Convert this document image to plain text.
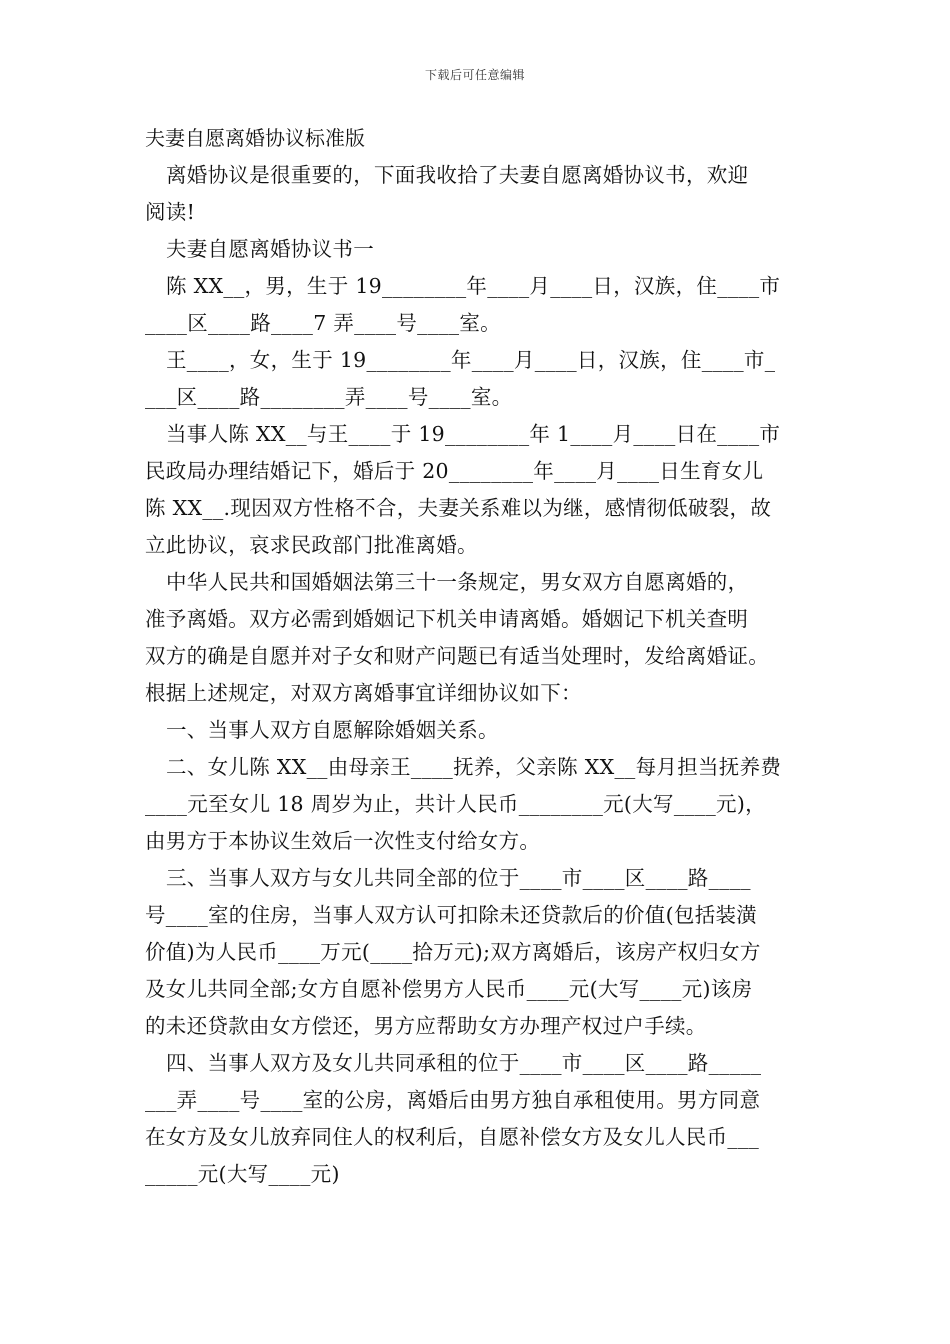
下载后可任意编辑

夫妻自愿离婚协议标准版

离婚协议是很重要的，下面我收拾了夫妻自愿离婚协议书，欢迎

阅读!

夫妻自愿离婚协议书一

陈 XX__，男，生于 19________年____月____日，汉族，住____市

____区____路____7 弄____号____室。

王____，女，生于 19________年____月____日，汉族，住____市_

___区____路________弄____号____室。

当事人陈 XX__与王____于 19________年 1____月____日在____市

民政局办理结婚记下，婚后于 20________年____月____日生育女儿

陈 XX__.现因双方性格不合，夫妻关系难以为继，感情彻低破裂，故

立此协议，哀求民政部门批准离婚。

中华人民共和国婚姻法第三十一条规定，男女双方自愿离婚的，

准予离婚。双方必需到婚姻记下机关申请离婚。婚姻记下机关查明

双方的确是自愿并对子女和财产问题已有适当处理时，发给离婚证。

根据上述规定，对双方离婚事宜详细协议如下：

一、当事人双方自愿解除婚姻关系。

二、女儿陈 XX__由母亲王____抚养，父亲陈 XX__每月担当抚养费

____元至女儿 18 周岁为止，共计人民币________元(大写____元)，

由男方于本协议生效后一次性支付给女方。

三、当事人双方与女儿共同全部的位于____市____区____路____

号____室的住房，当事人双方认可扣除未还贷款后的价值(包括装潢

价值)为人民币____万元(____拾万元);双方离婚后，该房产权归女方

及女儿共同全部;女方自愿补偿男方人民币____元(大写____元)该房

的未还贷款由女方偿还，男方应帮助女方办理产权过户手续。

四、当事人双方及女儿共同承租的位于____市____区____路_____

___弄____号____室的公房，离婚后由男方独自承租使用。男方同意

在女方及女儿放弃同住人的权利后，自愿补偿女方及女儿人民币___

_____元(大写____元)
